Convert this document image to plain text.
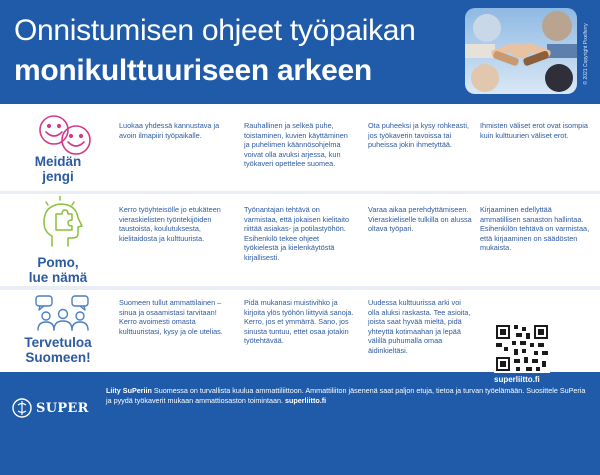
Onnistumisen ohjeet työpaikan
monikulttuuriseen arkeen	© 2021 Copyright Pixelferry
Meidän
jengi
Luokaa yhdessä kannustava ja avoin ilmapiiri työpaikalle.
Rauhallinen ja selkeä puhe, toistaminen, kuvien käyttäminen ja puhelimen käännösohjelma voivat olla avuksi arjessa, kun työkaveri opettelee suomea.
Ota puheeksi ja kysy rohkeasti, jos työkaverin tavoissa tai puheissa jokin ihmetyttää.
Ihmisten väliset erot ovat isompia kuin kulttuurien väliset erot.
Pomo,
lue nämä
Kerro työyhteisölle jo etukäteen vieraskielisten työntekijöiden taustoista, koulutuksesta, kielitaidosta ja kulttuurista.
Työnantajan tehtävä on varmistaa, että jokaisen kielitaito riittää asiakas- ja potilastyöhön. Esihenkilö tekee ohjeet työkielestä ja kielenkäytöstä kirjallisesti.
Varaa aikaa perehdyttämiseen. Vieraskieliselle tulkilla on alussa oltava työpari.
Kirjaaminen edellyttää ammatillisen sanaston hallintaa. Esihenkilön tehtävä on varmistaa, että kirjaaminen on säädösten mukaista.
Tervetuloa
Suomeen!
Suomeen tullut ammattilainen – sinua ja osaamistasi tarvitaan! Kerro avoimesti omasta kulttuuristasi, kysy ja ole utelias.
Pidä mukanasi muistivihko ja kirjoita ylös työhön liittyviä sanoja. Kerro, jos et ymmärrä. Sano, jos sinusta tuntuu, ettet osaa jotakin työtehtävää.
Uudessa kulttuurissa arki voi olla aluksi raskasta. Tee asioita, joista saat hyvää mieltä, pidä yhteyttä kotimaahan ja lepää välillä puhumalla omaa äidinkieltäsi.
superliitto.fi
SUPER
Liity SuPeriin Suomessa on turvallista kuulua ammattiliittoon. Ammattiliiton jäsenenä saat paljon etuja, tietoa ja turvan työelämään. Suosittele SuPeria ja pyydä työkaverit mukaan ammattiosaston toimintaan. superliitto.fi
